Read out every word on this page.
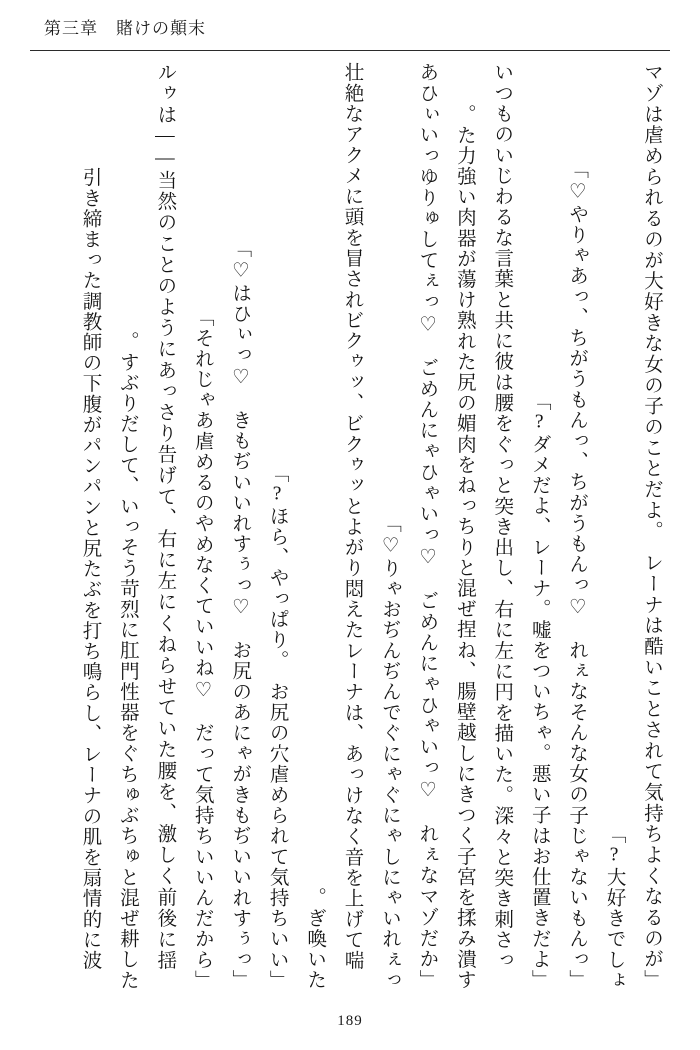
第三章 賭けの顛末

「マゾは虐められるのが大好きな女の子のことだよ。　レーナは酷いことされて気持ちよくなるのが大好きでしょ?」

「やりゃあっ、ちがうもんっ、ちがうもんっ♡　れぇなそんな女の子じゃないもんっ♡」

「ダメだよ、レーナ。嘘をついちゃ。悪い子はお仕置きだよ?」

いつものいじわるな言葉と共に彼は腰をぐっと突き出し、右に左に円を描いた。深々と突き刺さった力強い肉器が蕩け熟れた尻の媚肉をねっちりと混ぜ捏ね、腸壁越しにきつく子宮を揉み潰す。

「あひぃいっゆりゅしてぇっ♡　ごめんにゃひゃいっ♡　ごめんにゃひゃいっ♡　れぇなマゾだかりゃおぢんぢんでぐにゃぐにゃしにゃいれぇっ♡」

壮絶なアクメに頭を冒されビクゥッ、ビクゥッとよがり悶えたレーナは、あっけなく音を上げて喘ぎ喚いた。

「ほら、やっぱり。　お尻の穴虐められて気持ちいい?」

「はひぃっ♡　きもぢいいれすぅっ♡　お尻のあにゃがきもぢいいれすぅっ♡」

「それじゃあ虐めるのやめなくていいね♡　だって気持ちいいんだから」

ルゥは——当然のことのようにあっさり告げて、右に左にくねらせていた腰を、激しく前後に揺すぶりだして、いっそう苛烈に肛門性器をぐちゅぶちゅと混ぜ耕した。

引き締まった調教師の下腹がパンパンと尻たぶを打ち鳴らし、レーナの肌を扇情的に波

189
